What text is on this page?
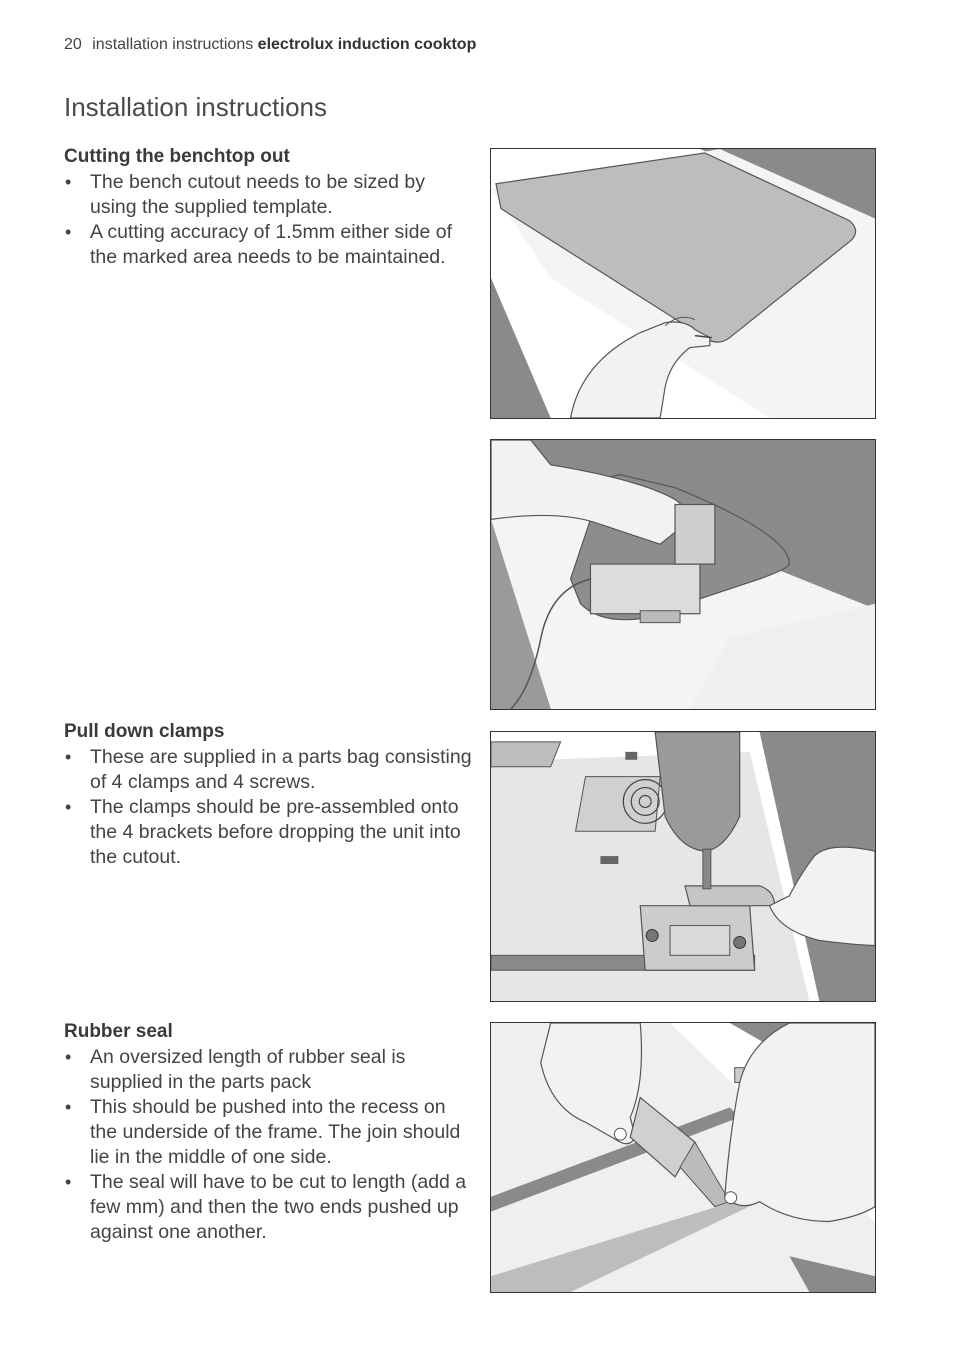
20 installation instructions electrolux induction cooktop
Installation instructions
Cutting the benchtop out
• The bench cutout needs to be sized by using the supplied template.
• A cutting accuracy of 1.5mm either side of the marked area needs to be maintained.
Pull down clamps
• These are supplied in a parts bag consisting of 4 clamps and 4 screws.
• The clamps should be pre-assembled onto the 4 brackets before dropping the unit into the cutout.
Rubber seal
• An oversized length of rubber seal is supplied in the parts pack
• This should be pushed into the recess on the underside of the frame. The join should lie in the middle of one side.
• The seal will have to be cut to length (add a few mm) and then the two ends pushed up against one another.
